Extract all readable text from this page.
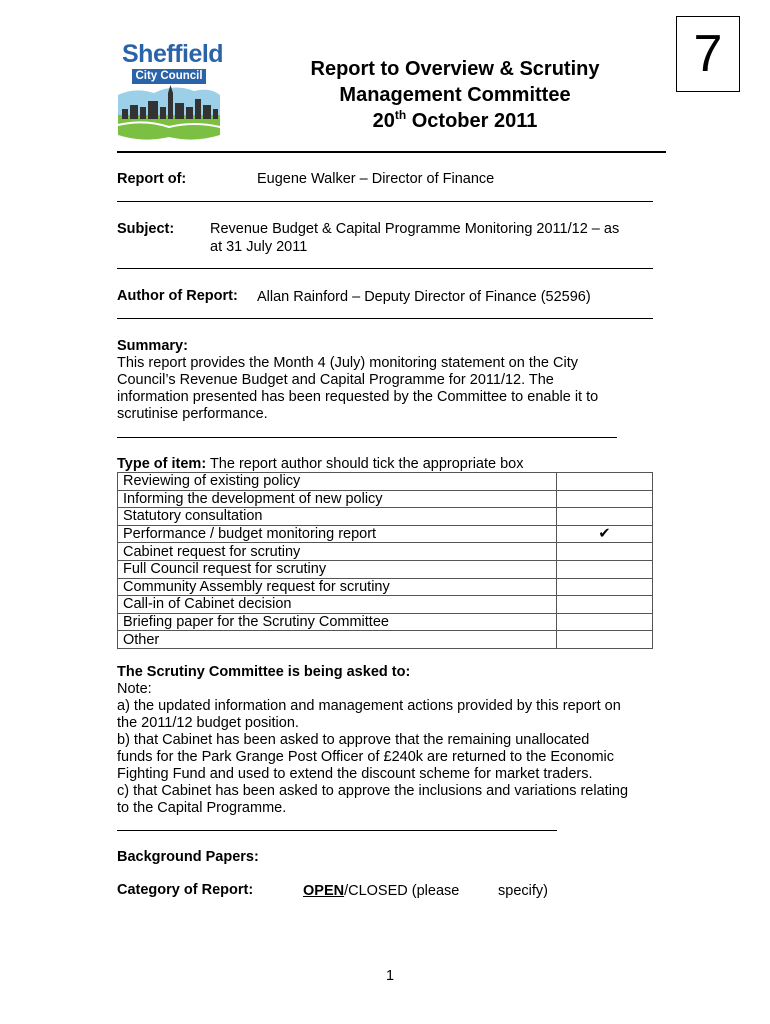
Sheffield
City Council	7
Report to Overview & Scrutiny
Management Committee
20th October 2011
Report of:	Eugene Walker – Director of Finance
Subject: Revenue Budget & Capital Programme Monitoring 2011/12 – as
at 31 July 2011
Author of Report: Allan Rainford – Deputy Director of Finance (52596)
Summary:
This report provides the Month 4 (July) monitoring statement on the City
Council’s Revenue Budget and Capital Programme for 2011/12. The
information presented has been requested by the Committee to enable it to
scrutinise performance.
Type of item: The report author should tick the appropriate box
Reviewing of existing policy	
Informing the development of new policy	
Statutory consultation	
Performance / budget monitoring report	✔
Cabinet request for scrutiny	
Full Council request for scrutiny	
Community Assembly request for scrutiny	
Call-in of Cabinet decision	
Briefing paper for the Scrutiny Committee	
Other	
The Scrutiny Committee is being asked to:
Note:
a) the updated information and management actions provided by this report on
the 2011/12 budget position.
b) that Cabinet has been asked to approve that the remaining unallocated
funds for the Park Grange Post Officer of £240k are returned to the Economic
Fighting Fund and used to extend the discount scheme for market traders.
c) that Cabinet has been asked to approve the inclusions and variations relating
to the Capital Programme.
Background Papers:
Category of Report:	OPEN/CLOSED (please	specify)
1
